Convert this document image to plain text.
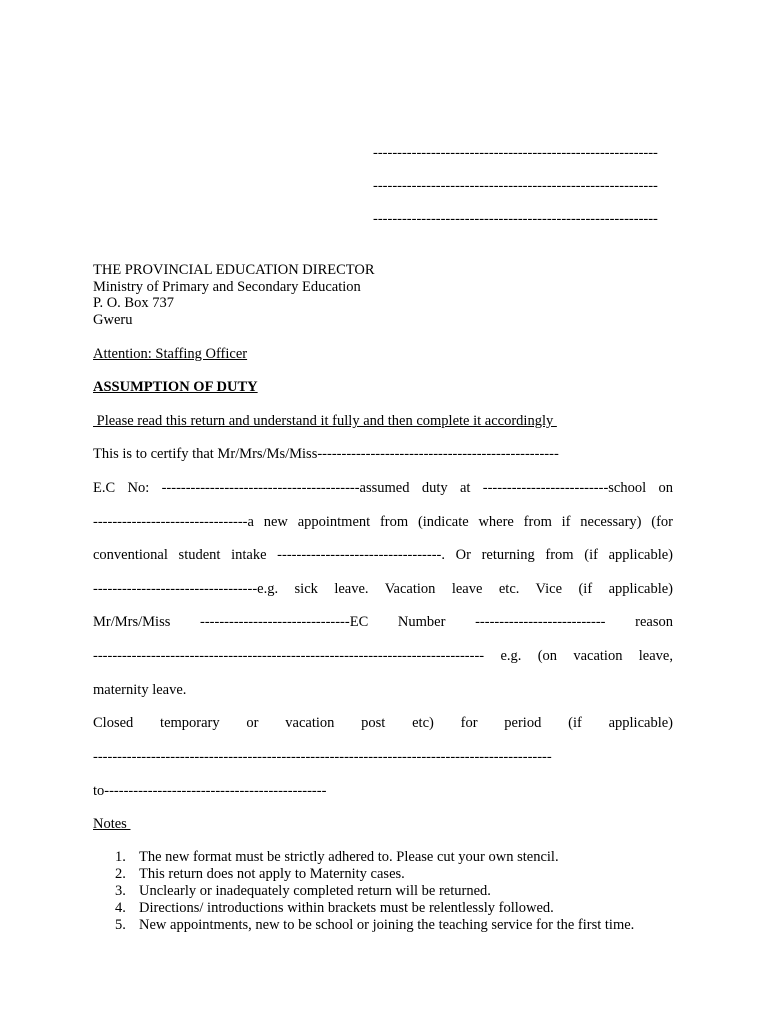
-----------------------------------------------------------
-----------------------------------------------------------
-----------------------------------------------------------
THE PROVINCIAL EDUCATION DIRECTOR
Ministry of Primary and Secondary Education
P. O. Box 737
Gweru
Attention: Staffing Officer
ASSUMPTION OF DUTY
Please read this return and understand it fully and then complete it accordingly
This is to certify that Mr/Mrs/Ms/Miss--------------------------------------------------
E.C No: -----------------------------------------assumed duty at --------------------------school on
--------------------------------a new appointment from (indicate where from if necessary) (for
conventional student intake ----------------------------------. Or returning from (if applicable)
----------------------------------e.g. sick leave. Vacation leave etc. Vice (if applicable)
Mr/Mrs/Miss -------------------------------EC Number --------------------------- reason
--------------------------------------------------------------------------------- e.g. (on vacation leave,
maternity leave.
Closed temporary or vacation post etc) for period (if applicable)
-----------------------------------------------------------------------------------------------
to----------------------------------------------
Notes
1. The new format must be strictly adhered to. Please cut your own stencil.
2. This return does not apply to Maternity cases.
3. Unclearly or inadequately completed return will be returned.
4. Directions/ introductions within brackets must be relentlessly followed.
5. New appointments, new to be school or joining the teaching service for the first time.
